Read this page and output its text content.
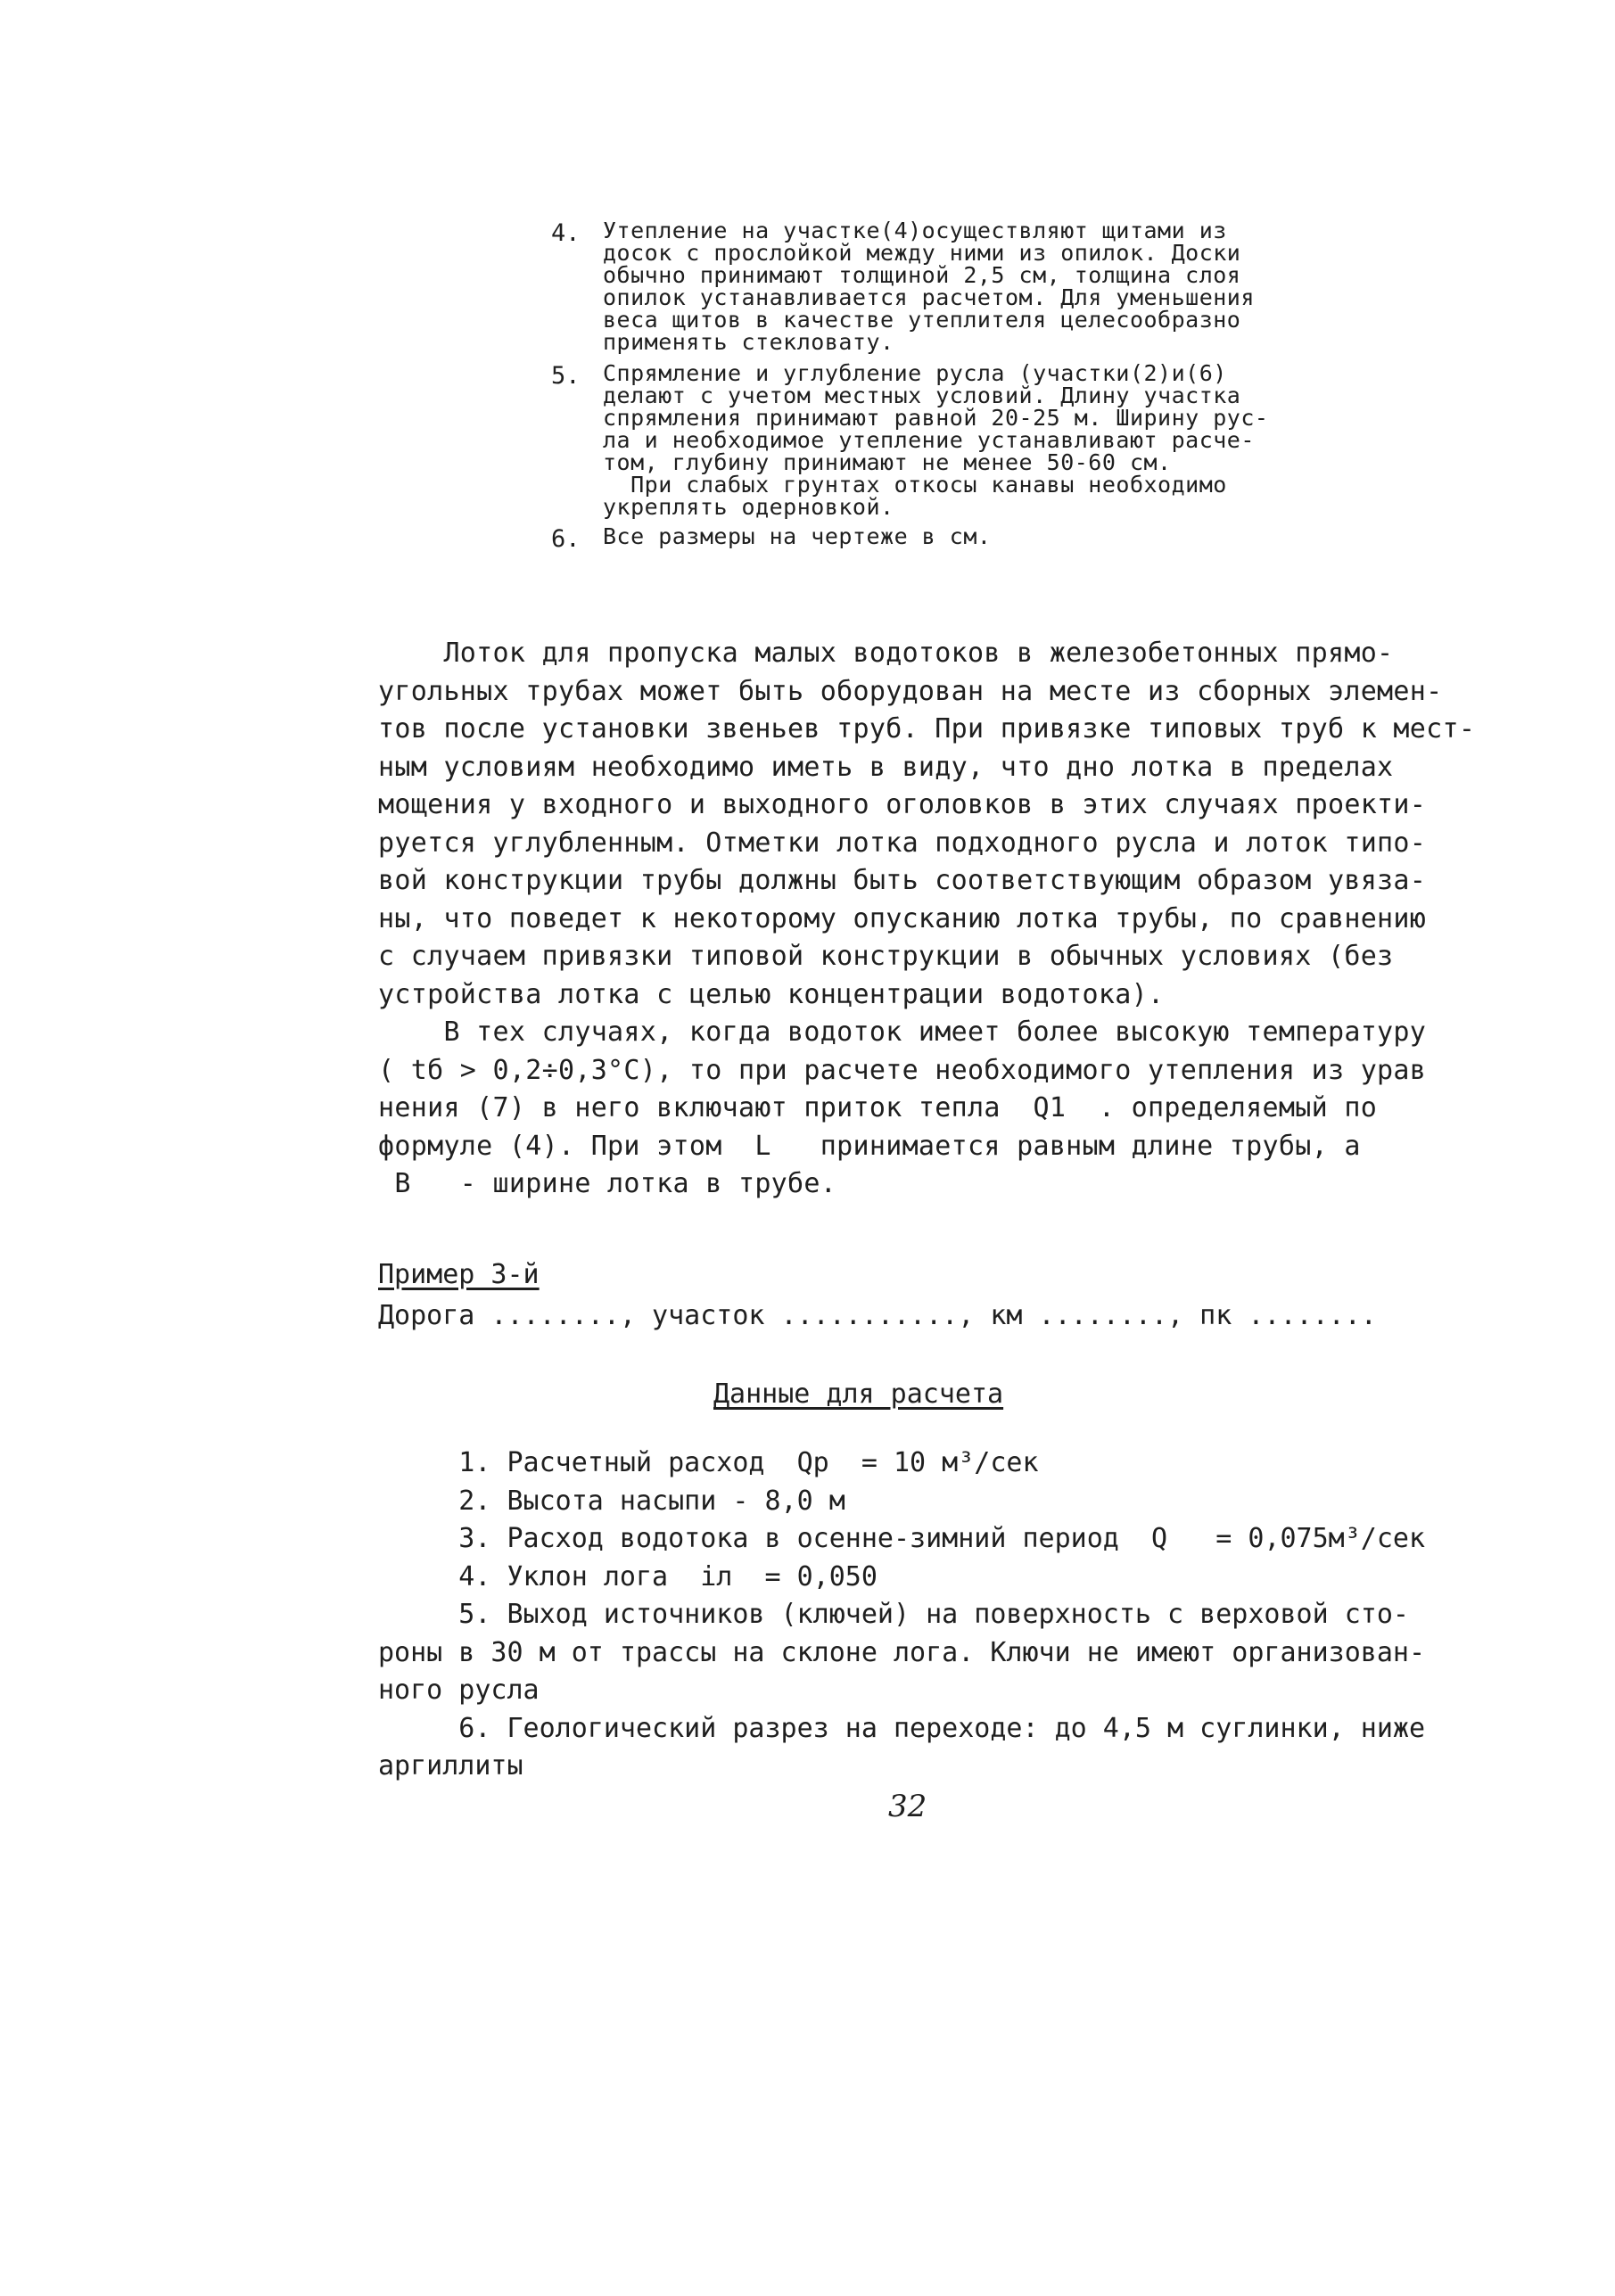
4. Утепление на участке(4)осуществляют щитами из
досок с прослойкой между ними из опилок. Доски
обычно принимают толщиной 2,5 см, толщина слоя
опилок устанавливается расчетом. Для уменьшения
веса щитов в качестве утеплителя целесообразно
применять стекловату.
5. Спрямление и углубление русла (участки(2)и(6)
делают с учетом местных условий. Длину участка
спрямления принимают равной 20-25 м. Ширину рус-
ла и необходимое утепление устанавливают расче-
том, глубину принимают не менее 50-60 см.
При слабых грунтах откосы канавы необходимо
укреплять одерновкой.
6. Все размеры на чертеже в см.

Лоток для пропуска малых водотоков в железобетонных прямо-
угольных трубах может быть оборудован на месте из сборных элемен-
тов после установки звеньев труб. При привязке типовых труб к мест-
ным условиям необходимо иметь в виду, что дно лотка в пределах
мощения у входного и выходного оголовков в этих случаях проекти-
руется углубленным. Отметки лотка подходного русла и лоток типо-
вой конструкции трубы должны быть соответствующим образом увяза-
ны, что поведет к некоторому опусканию лотка трубы, по сравнению
с случаем привязки типовой конструкции в обычных условиях (без
устройства лотка с целью концентрации водотока).

В тех случаях, когда водоток имеет более высокую температуру
( tб > 0,2÷0,3°С), то при расчете необходимого утепления из урав
нения (7) в него включают приток тепла  Q1  . определяемый по
формуле (4). При этом  L   принимается равным длине трубы, а
B   - ширине лотка в трубе.

Пример 3-й
Дорога ........, участок ..........., км ........, пк ........
Данные для расчета

1. Расчетный расход  Qр  = 10 м³/сек

2. Высота насыпи - 8,0 м

3. Расход водотока в осенне-зимний период  Q   = 0,075м³/сек

4. Уклон лога  iл  = 0,050

5. Выход источников (ключей) на поверхность с верховой сто-
роны в 30 м от трассы на склоне лога. Ключи не имеют организован-
ного русла

6. Геологический разрез на переходе: до 4,5 м суглинки, ниже
аргиллиты

32
